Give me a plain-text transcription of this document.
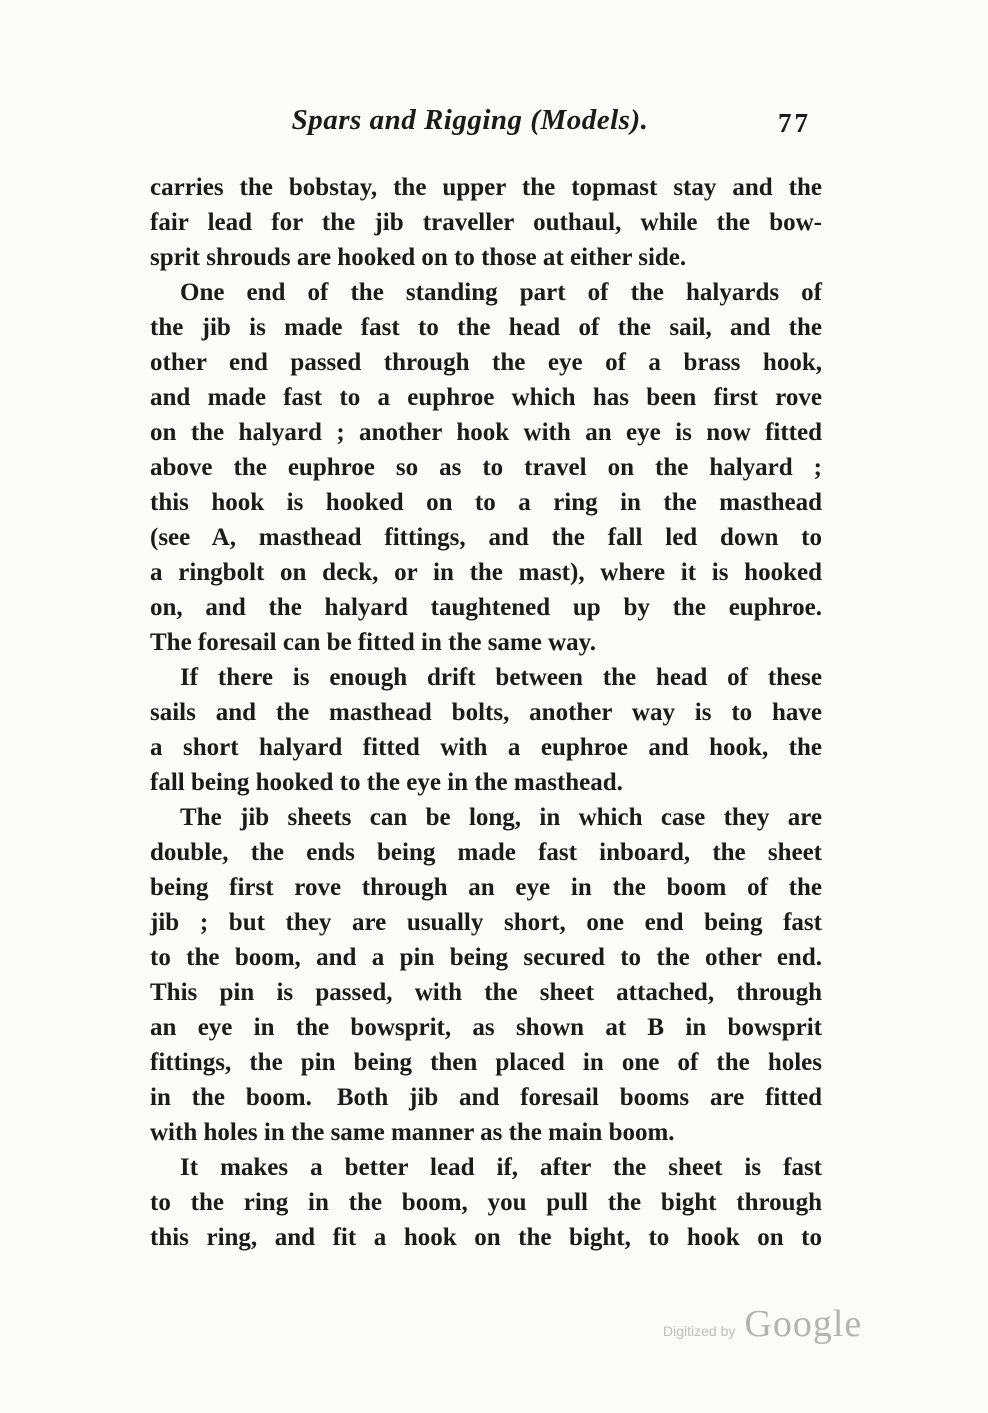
Spars and Rigging (Models).	77
carries the bobstay, the upper the topmast stay and the
fair lead for the jib traveller outhaul, while the bow-
sprit shrouds are hooked on to those at either side.
One end of the standing part of the halyards of
the jib is made fast to the head of the sail, and the
other end passed through the eye of a brass hook,
and made fast to a euphroe which has been first rove
on the halyard ; another hook with an eye is now fitted
above the euphroe so as to travel on the halyard ;
this hook is hooked on to a ring in the masthead
(see A, masthead fittings, and the fall led down to
a ringbolt on deck, or in the mast), where it is hooked
on, and the halyard taughtened up by the euphroe.
The foresail can be fitted in the same way.
If there is enough drift between the head of these
sails and the masthead bolts, another way is to have
a short halyard fitted with a euphroe and hook, the
fall being hooked to the eye in the masthead.
The jib sheets can be long, in which case they are
double, the ends being made fast inboard, the sheet
being first rove through an eye in the boom of the
jib ; but they are usually short, one end being fast
to the boom, and a pin being secured to the other end.
This pin is passed, with the sheet attached, through
an eye in the bowsprit, as shown at B in bowsprit
fittings, the pin being then placed in one of the holes
in the boom. Both jib and foresail booms are fitted
with holes in the same manner as the main boom.
It makes a better lead if, after the sheet is fast
to the ring in the boom, you pull the bight through
this ring, and fit a hook on the bight, to hook on to
Digitized by Google
